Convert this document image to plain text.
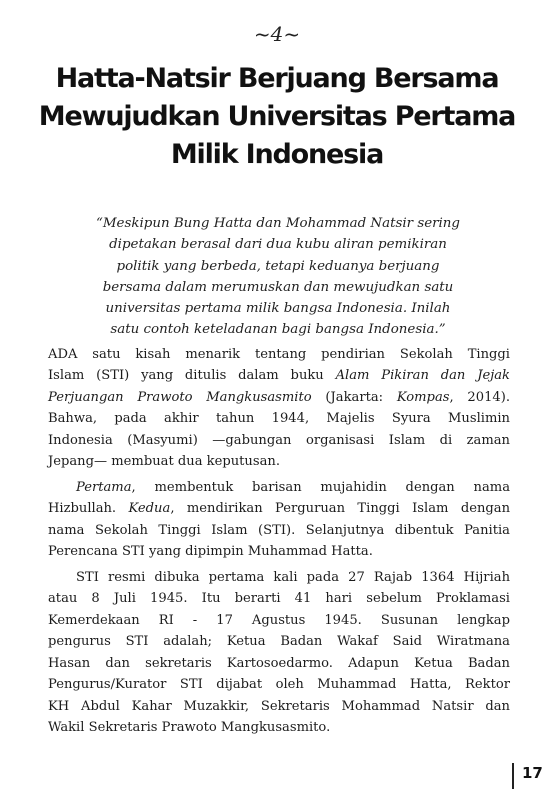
~4~
Hatta-Natsir Berjuang Bersama
Mewujudkan Universitas Pertama
Milik Indonesia
“Meskipun Bung Hatta dan Mohammad Natsir sering
dipetakan berasal dari dua kubu aliran pemikiran
politik yang berbeda, tetapi keduanya berjuang
bersama dalam merumuskan dan mewujudkan satu
universitas pertama milik bangsa Indonesia. Inilah
satu contoh keteladanan bagi bangsa Indonesia.”

ADA satu kisah menarik tentang pendirian Sekolah Tinggi
Islam (STI) yang ditulis dalam buku Alam Pikiran dan Jejak
Perjuangan Prawoto Mangkusasmito (Jakarta: Kompas, 2014).
Bahwa, pada akhir tahun 1944, Majelis Syura Muslimin
Indonesia (Masyumi) —gabungan organisasi Islam di zaman
Jepang— membuat dua keputusan.

Pertama, membentuk barisan mujahidin dengan nama
Hizbullah. Kedua, mendirikan Perguruan Tinggi Islam dengan
nama Sekolah Tinggi Islam (STI). Selanjutnya dibentuk Panitia
Perencana STI yang dipimpin Muhammad Hatta.

STI resmi dibuka pertama kali pada 27 Rajab 1364 Hijriah
atau 8 Juli 1945. Itu berarti 41 hari sebelum Proklamasi
Kemerdekaan RI - 17 Agustus 1945. Susunan lengkap
pengurus STI adalah; Ketua Badan Wakaf Said Wiratmana
Hasan dan sekretaris Kartosoedarmo. Adapun Ketua Badan
Pengurus/Kurator STI dijabat oleh Muhammad Hatta, Rektor
KH Abdul Kahar Muzakkir, Sekretaris Mohammad Natsir dan
Wakil Sekretaris Prawoto Mangkusasmito.

17
